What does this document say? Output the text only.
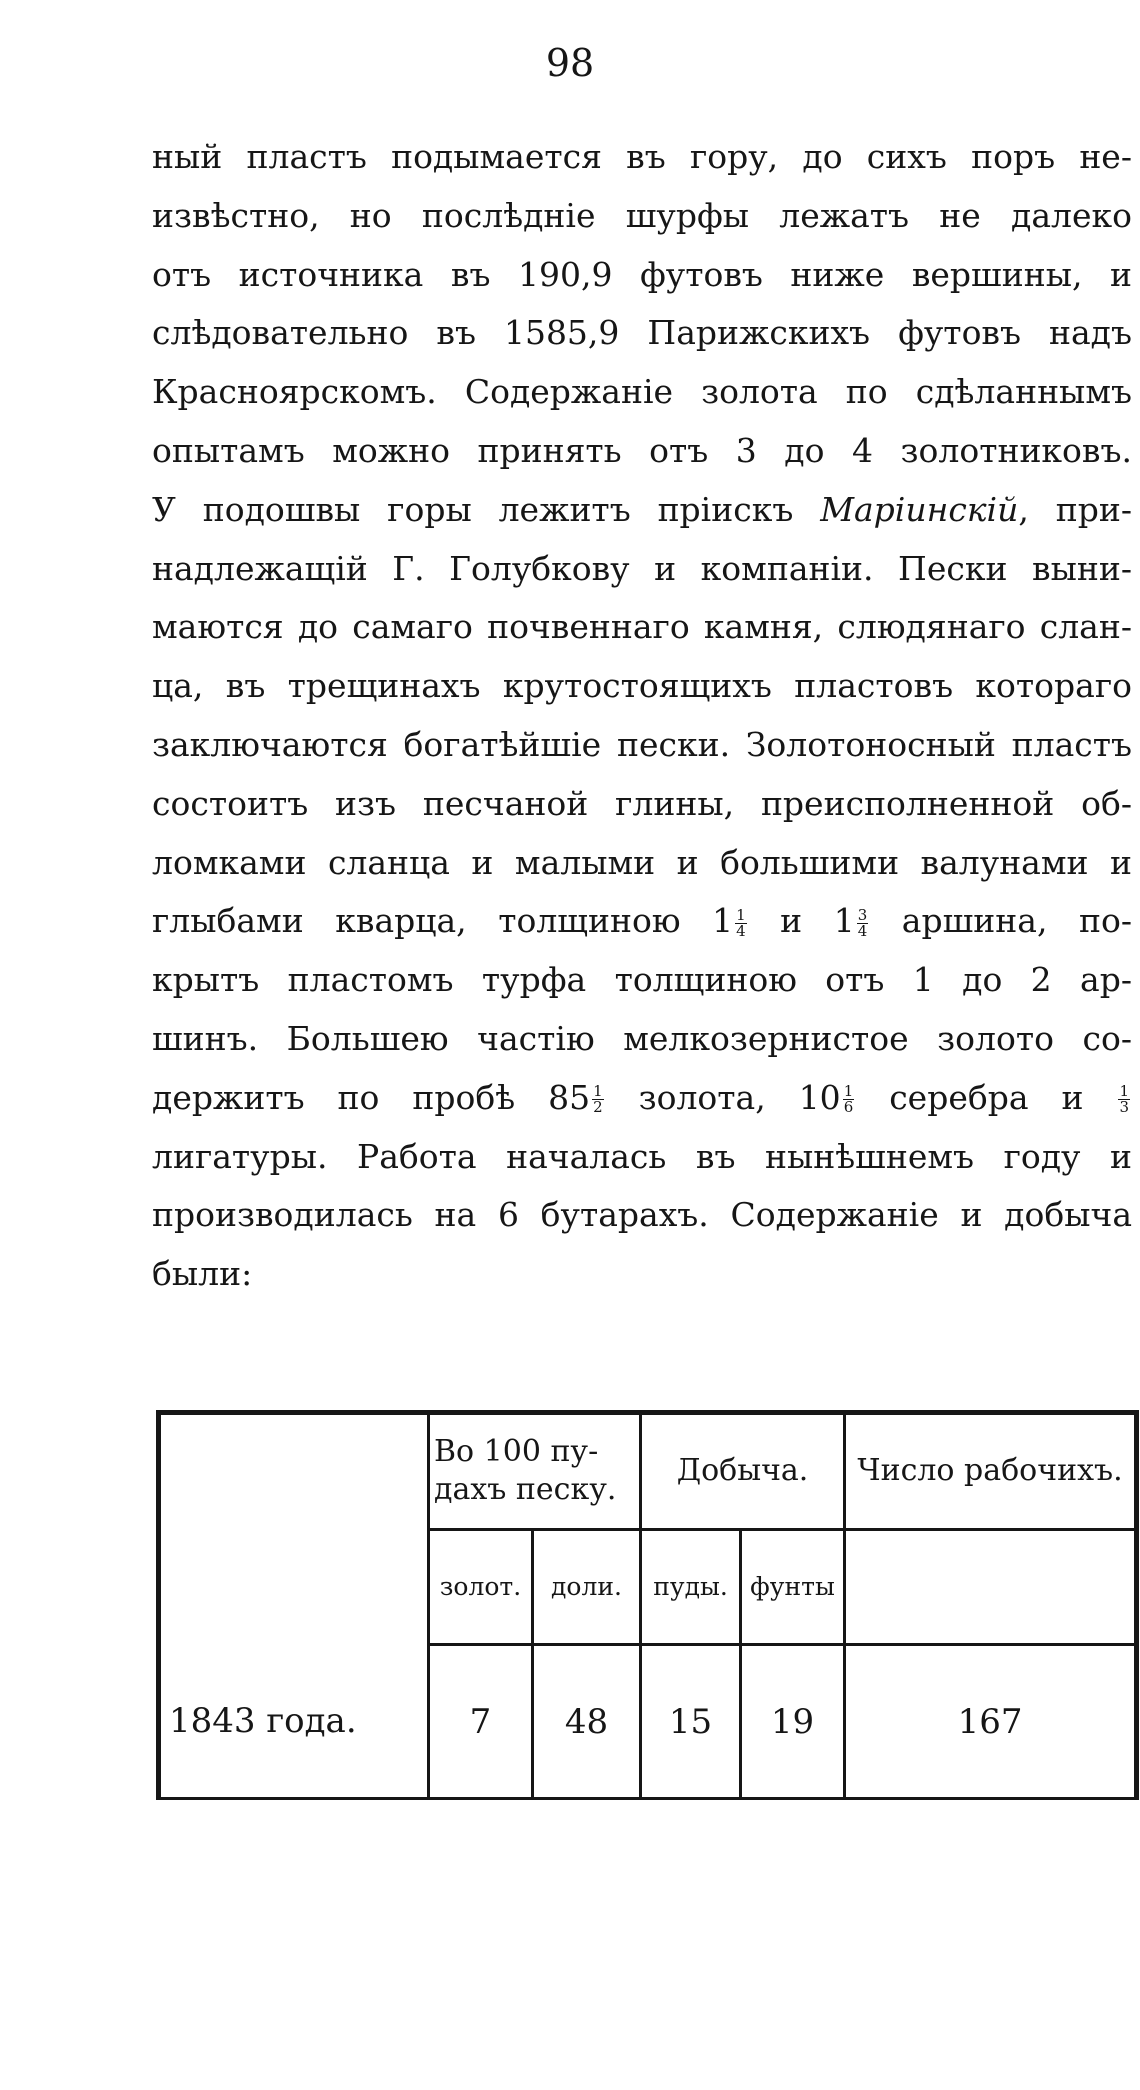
98
ный пластъ подымается въ гору, до сихъ поръ не-
извѣстно, но послѣдніе шурфы лежатъ не далеко
отъ источника въ 190,9 футовъ ниже вершины, и
слѣдовательно въ 1585,9 Парижскихъ футовъ надъ
Красноярскомъ. Содержаніе золота по сдѣланнымъ
опытамъ можно принять отъ 3 до 4 золотниковъ.
У подошвы горы лежитъ пріискъ Маріинскій, при-
надлежащій Г. Голубкову и компаніи. Пески выни-
маются до самаго почвеннаго камня, слюдянаго слан-
ца, въ трещинахъ крутостоящихъ пластовъ котораго
заключаются богатѣйшіе пески. Золотоносный пластъ
состоитъ изъ песчаной глины, преисполненной об-
ломками сланца и малыми и большими валунами и
глыбами кварца, толщиною $1 \frac{1}{4}$ и $1 \frac{3}{4}$ аршина, по-
крытъ пластомъ турфа толщиною отъ 1 до 2 ар-
шинъ. Большею частію мелкозернистое золото со-
держитъ по пробѣ $85 \frac{1}{2}$ золота, $10 \frac{1}{6}$ серебра и $\frac{1}{3}$
лигатуры. Работа началась въ нынѣшнемъ году и
производилась на 6 бутарахъ. Содержаніе и добыча
были:

	Во 100 пу-
дахъ песку.		Добыча.		Число рабочихъ.
	золот.	доли.	пуды.	фунты	
1843 года.	7	48	15	19	167
